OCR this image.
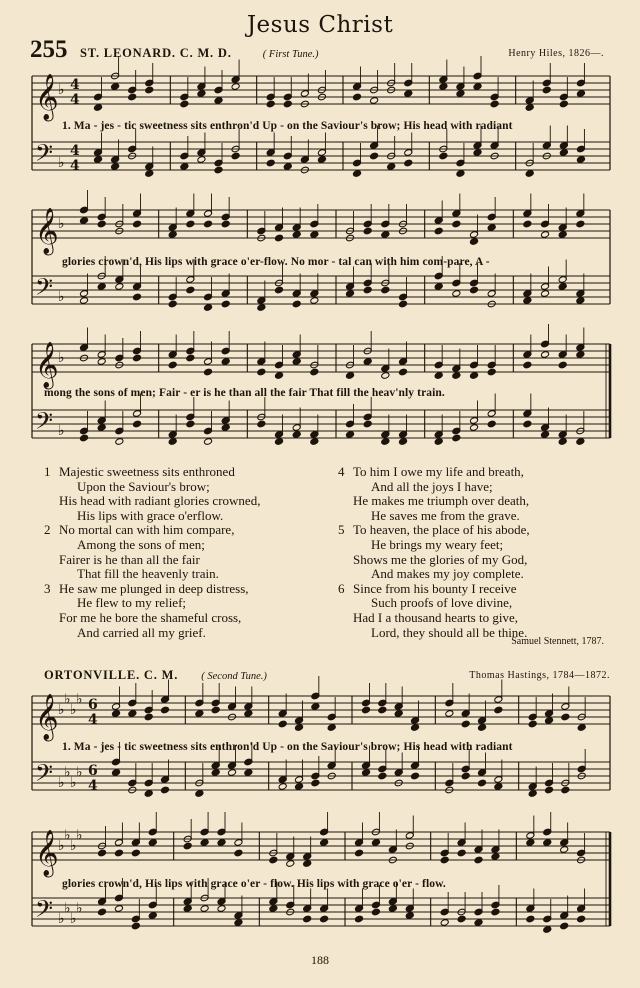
Jesus Christ
255 ST. LEONARD. C. M. D.	( First Tune.)	Henry Hiles, 1826—.
𝄞
𝄢
♭
♭
4
4
4
4
1. Ma - jes - tic sweetness sits enthron'd Up - on the Saviour's brow; His head with radiant
𝄞
𝄢
♭
♭
glories crown'd, His lips with grace o'er-flow. No mor - tal can with him com-pare, A -
𝄞
𝄢
♭
♭
mong the sons of men; Fair - er is he than all the fair That fill the heav'nly train.
1 Majestic sweetness sits enthroned
Upon the Saviour's brow;
His head with radiant glories crowned,
His lips with grace o'erflow.
2 No mortal can with him compare,
Among the sons of men;
Fairer is he than all the fair
That fill the heavenly train.
3 He saw me plunged in deep distress,
He flew to my relief;
For me he bore the shameful cross,
And carried all my grief.
4 To him I owe my life and breath,
And all the joys I have;
He makes me triumph over death,
He saves me from the grave.
5 To heaven, the place of his abode,
He brings my weary feet;
Shows me the glories of my God,
And makes my joy complete.
6 Since from his bounty I receive
Such proofs of love divine,
Had I a thousand hearts to give,
Lord, they should all be thine.
Samuel Stennett, 1787.
ORTONVILLE. C. M. ( Second Tune.)	Thomas Hastings, 1784—1872.
𝄞
𝄢
♭
♭
♭
♭
♭
♭
♭
♭
6
4
6
4
1. Ma - jes - tic sweetness sits enthron'd Up - on the Saviour's brow; His head with radiant
𝄞
𝄢
♭
♭
♭
♭
♭
♭
♭
♭
glories crown'd, His lips with grace o'er - flow. His lips with grace o'er - flow.
188
